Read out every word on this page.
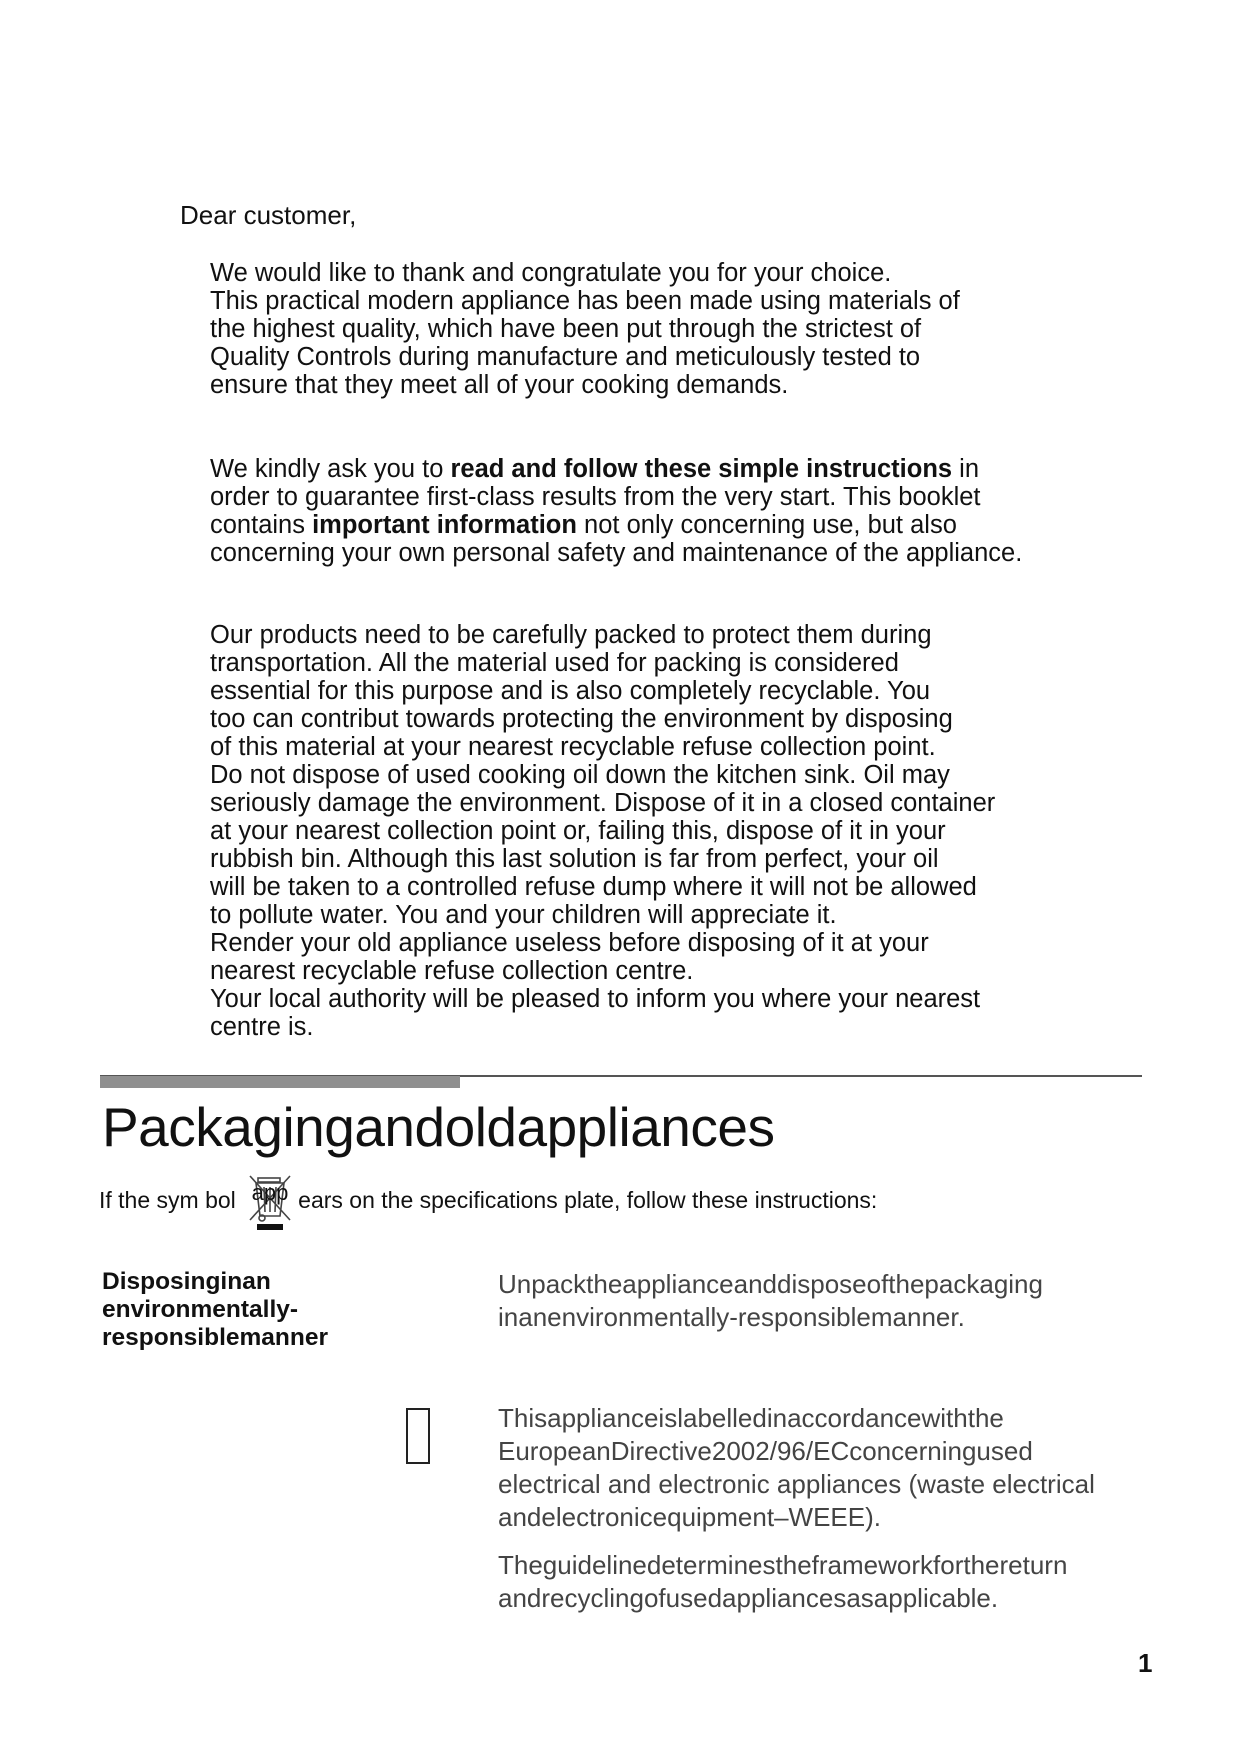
Dear customer,

We would like to thank and congratulate you for your choice.
This practical modern appliance has been made using materials of
the highest quality, which have been put through the strictest of
Quality Controls during manufacture and meticulously tested to
ensure that they meet all of your cooking demands.

We kindly ask you to read and follow these simple instructions in order to guarantee first-class results from the very start. This booklet contains important information not only concerning use, but also concerning your own personal safety and maintenance of the appliance.

Our products need to be carefully packed to protect them during
transportation. All the material used for packing is considered
essential for this purpose and is also completely recyclable. You
too can contribut towards protecting the environment by disposing
of this material at your nearest recyclable refuse collection point.
Do not dispose of used cooking oil down the kitchen sink. Oil may
seriously damage the environment. Dispose of it in a closed container
at your nearest collection point or, failing this, dispose of it in your
rubbish bin. Although this last solution is far from perfect, your oil
will be taken to a controlled refuse dump where it will not be allowed
to pollute water. You and your children will appreciate it.
Render your old appliance useless before disposing of it at your
nearest recyclable refuse collection centre.
Your local authority will be pleased to inform you where your nearest
centre is.

Packagingandoldappliances
If the sym bol app ears on the specifications plate, follow these instructions:

Disposinginan
environmentally-
responsiblemanner

Unpacktheapplianceanddisposeofthepackaging
inanenvironmentally-responsiblemanner.

Thisapplianceislabelledinaccordancewiththe
EuropeanDirective2002/96/ECconcerningused
electrical and electronic appliances (waste electrical
andelectronicequipment–WEEE).

Theguidelinedeterminestheframeworkforthereturn
andrecyclingofusedappliancesasapplicable.

1
